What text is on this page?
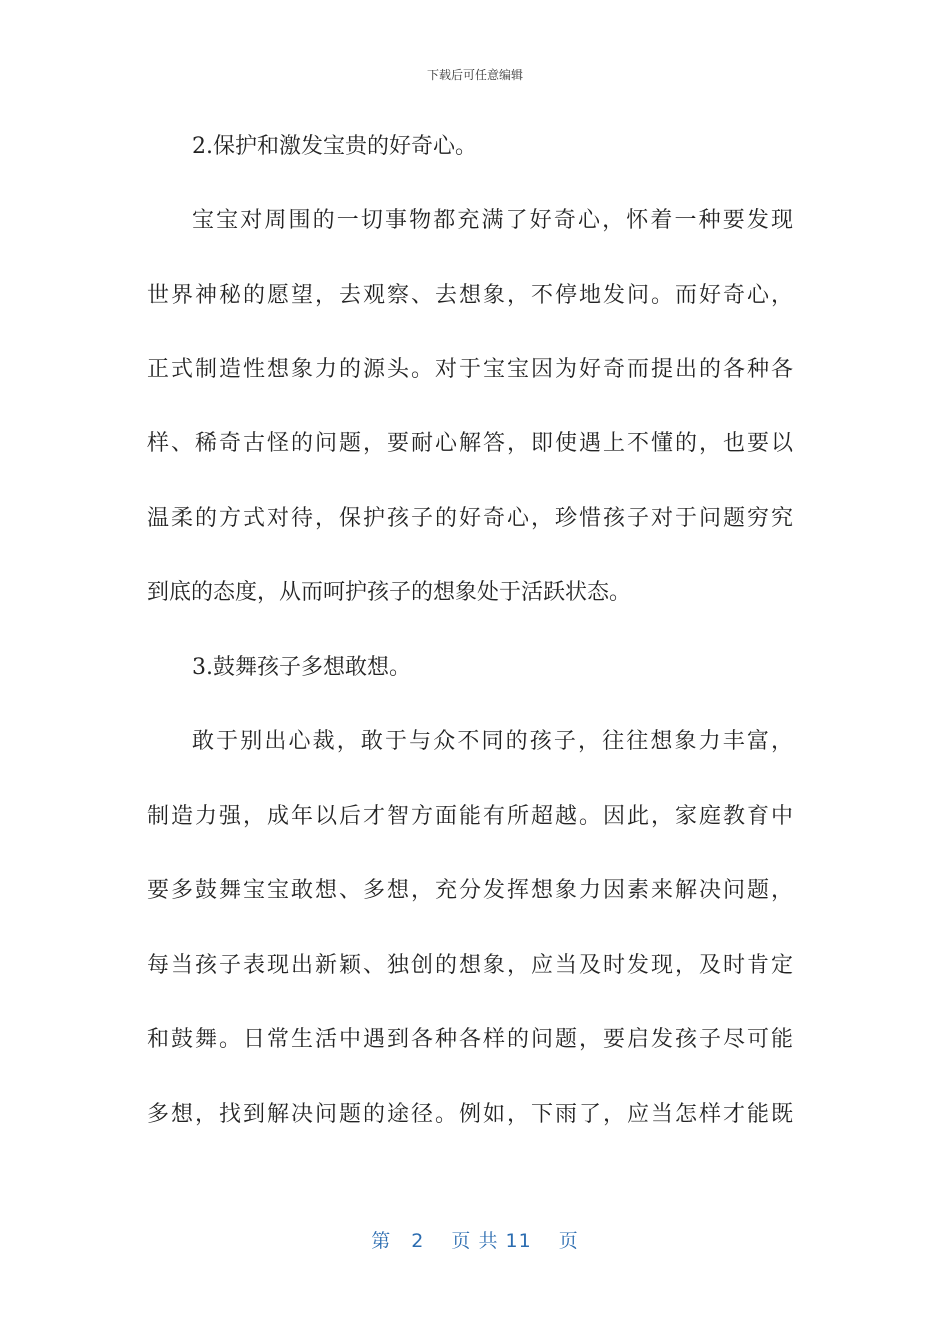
下载后可任意编辑
2.保护和激发宝贵的好奇心。
宝宝对周围的一切事物都充满了好奇心，怀着一种要发现
世界神秘的愿望，去观察、去想象，不停地发问。而好奇心，
正式制造性想象力的源头。对于宝宝因为好奇而提出的各种各
样、稀奇古怪的问题，要耐心解答，即使遇上不懂的，也要以
温柔的方式对待，保护孩子的好奇心，珍惜孩子对于问题穷究
到底的态度，从而呵护孩子的想象处于活跃状态。
3.鼓舞孩子多想敢想。
敢于别出心裁，敢于与众不同的孩子，往往想象力丰富，
制造力强，成年以后才智方面能有所超越。因此，家庭教育中
要多鼓舞宝宝敢想、多想，充分发挥想象力因素来解决问题，
每当孩子表现出新颖、独创的想象，应当及时发现，及时肯定
和鼓舞。日常生活中遇到各种各样的问题，要启发孩子尽可能
多想，找到解决问题的途径。例如，下雨了，应当怎样才能既
第　2　 页 共 11　 页
